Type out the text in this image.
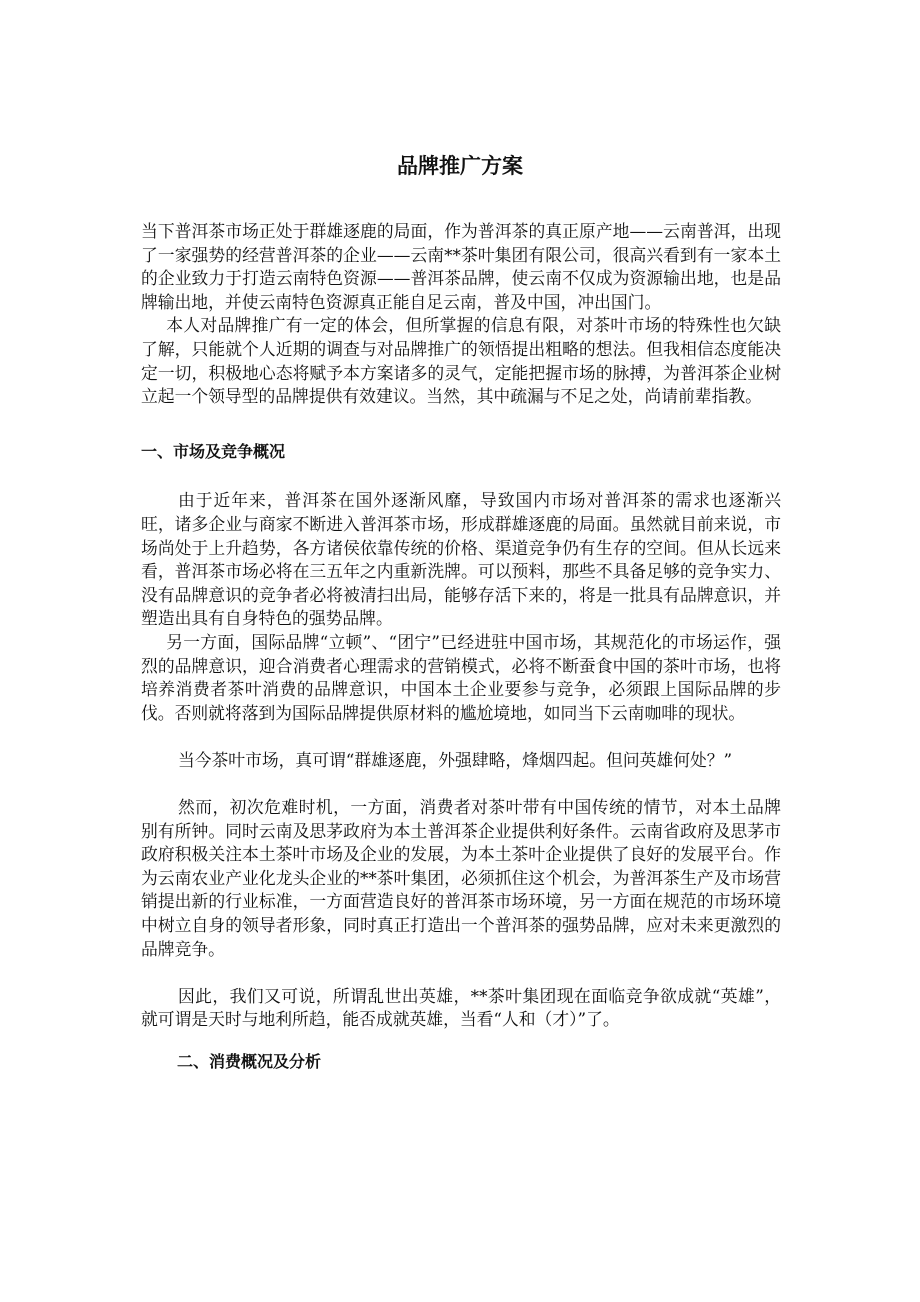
品牌推广方案

当下普洱茶市场正处于群雄逐鹿的局面，作为普洱茶的真正原产地——云南普洱，出现了一家强势的经营普洱茶的企业——云南**茶叶集团有限公司，很高兴看到有一家本土的企业致力于打造云南特色资源——普洱茶品牌，使云南不仅成为资源输出地，也是品牌输出地，并使云南特色资源真正能自足云南，普及中国，冲出国门。

本人对品牌推广有一定的体会，但所掌握的信息有限，对茶叶市场的特殊性也欠缺了解，只能就个人近期的调查与对品牌推广的领悟提出粗略的想法。但我相信态度能决定一切，积极地心态将赋予本方案诸多的灵气，定能把握市场的脉搏，为普洱茶企业树立起一个领导型的品牌提供有效建议。当然，其中疏漏与不足之处，尚请前辈指教。

一、市场及竞争概况

由于近年来，普洱茶在国外逐渐风靡，导致国内市场对普洱茶的需求也逐渐兴旺，诸多企业与商家不断进入普洱茶市场，形成群雄逐鹿的局面。虽然就目前来说，市场尚处于上升趋势，各方诸侯依靠传统的价格、渠道竞争仍有生存的空间。但从长远来看，普洱茶市场必将在三五年之内重新洗牌。可以预料，那些不具备足够的竞争实力、没有品牌意识的竞争者必将被清扫出局，能够存活下来的，将是一批具有品牌意识，并塑造出具有自身特色的强势品牌。

另一方面，国际品牌“立顿”、“团宁”已经进驻中国市场，其规范化的市场运作，强烈的品牌意识，迎合消费者心理需求的营销模式，必将不断蚕食中国的茶叶市场，也将培养消费者茶叶消费的品牌意识，中国本土企业要参与竞争，必须跟上国际品牌的步伐。否则就将落到为国际品牌提供原材料的尴尬境地，如同当下云南咖啡的现状。

当今茶叶市场，真可谓“群雄逐鹿，外强肆略，烽烟四起。但问英雄何处？”

然而，初次危难时机，一方面，消费者对茶叶带有中国传统的情节，对本土品牌别有所钟。同时云南及思茅政府为本土普洱茶企业提供利好条件。云南省政府及思茅市政府积极关注本土茶叶市场及企业的发展，为本土茶叶企业提供了良好的发展平台。作为云南农业产业化龙头企业的**茶叶集团，必须抓住这个机会，为普洱茶生产及市场营销提出新的行业标准，一方面营造良好的普洱茶市场环境，另一方面在规范的市场环境中树立自身的领导者形象，同时真正打造出一个普洱茶的强势品牌，应对未来更激烈的品牌竞争。

因此，我们又可说，所谓乱世出英雄，**茶叶集团现在面临竞争欲成就“英雄”，就可谓是天时与地利所趋，能否成就英雄，当看“人和（才）”了。

二、消费概况及分析
